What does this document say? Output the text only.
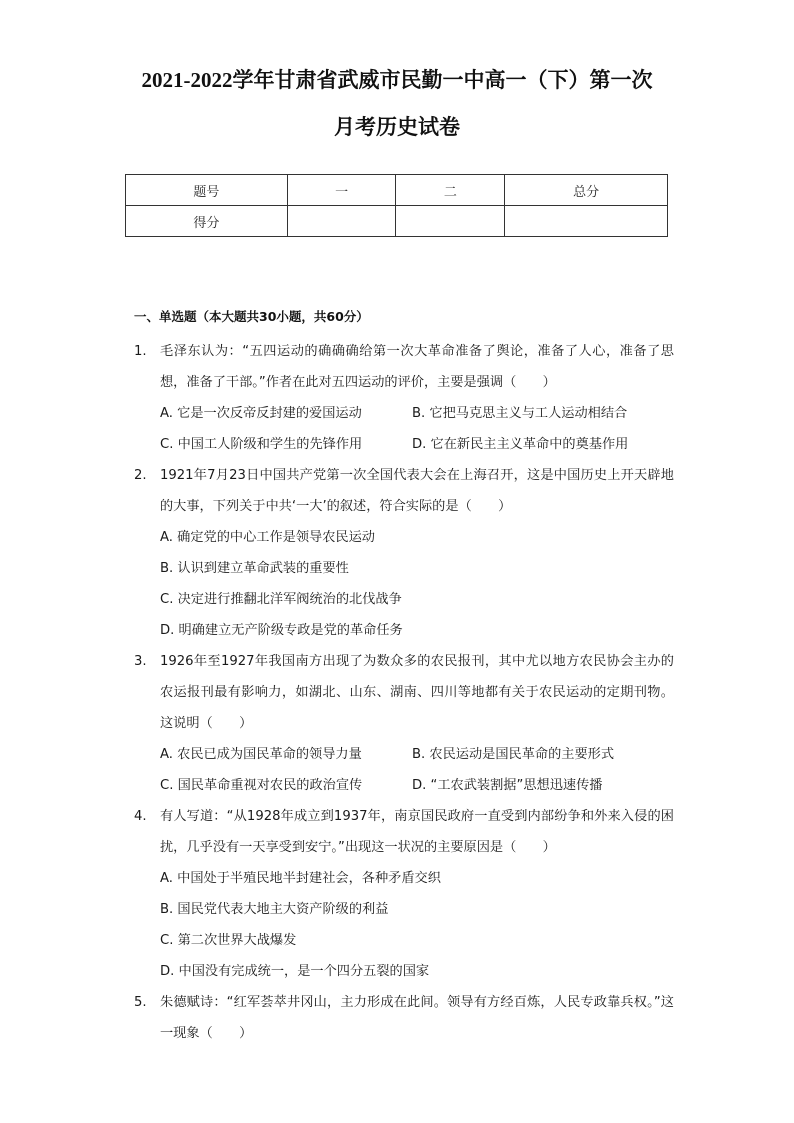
2021-2022学年甘肃省武威市民勤一中高一（下）第一次
月考历史试卷
题号	一	二	总分
得分			
一、单选题（本大题共30小题，共60分）
1.	毛泽东认为：“五四运动的确确确给第一次大革命准备了舆论，准备了人心，准备了思想，准备了干部。”作者在此对五四运动的评价，主要是强调（　　）
A. 它是一次反帝反封建的爱国运动	B. 它把马克思主义与工人运动相结合
C. 中国工人阶级和学生的先锋作用	D. 它在新民主主义革命中的奠基作用
2.	1921年7月23日中国共产党第一次全国代表大会在上海召开，这是中国历史上开天辟地的大事，下列关于中共‘一大’的叙述，符合实际的是（　　）
A. 确定党的中心工作是领导农民运动
B. 认识到建立革命武装的重要性
C. 决定进行推翻北洋军阀统治的北伐战争
D. 明确建立无产阶级专政是党的革命任务
3.	1926年至1927年我国南方出现了为数众多的农民报刊，其中尤以地方农民协会主办的农运报刊最有影响力，如湖北、山东、湖南、四川等地都有关于农民运动的定期刊物。这说明（　　）
A. 农民已成为国民革命的领导力量	B. 农民运动是国民革命的主要形式
C. 国民革命重视对农民的政治宣传	D. “工农武装割据”思想迅速传播
4.	有人写道：“从1928年成立到1937年，南京国民政府一直受到内部纷争和外来入侵的困扰，几乎没有一天享受到安宁。”出现这一状况的主要原因是（　　）
A. 中国处于半殖民地半封建社会，各种矛盾交织
B. 国民党代表大地主大资产阶级的利益
C. 第二次世界大战爆发
D. 中国没有完成统一，是一个四分五裂的国家
5.	朱德赋诗：“红军荟萃井冈山，主力形成在此间。领导有方经百炼，人民专政靠兵权。”这一现象（　　）
